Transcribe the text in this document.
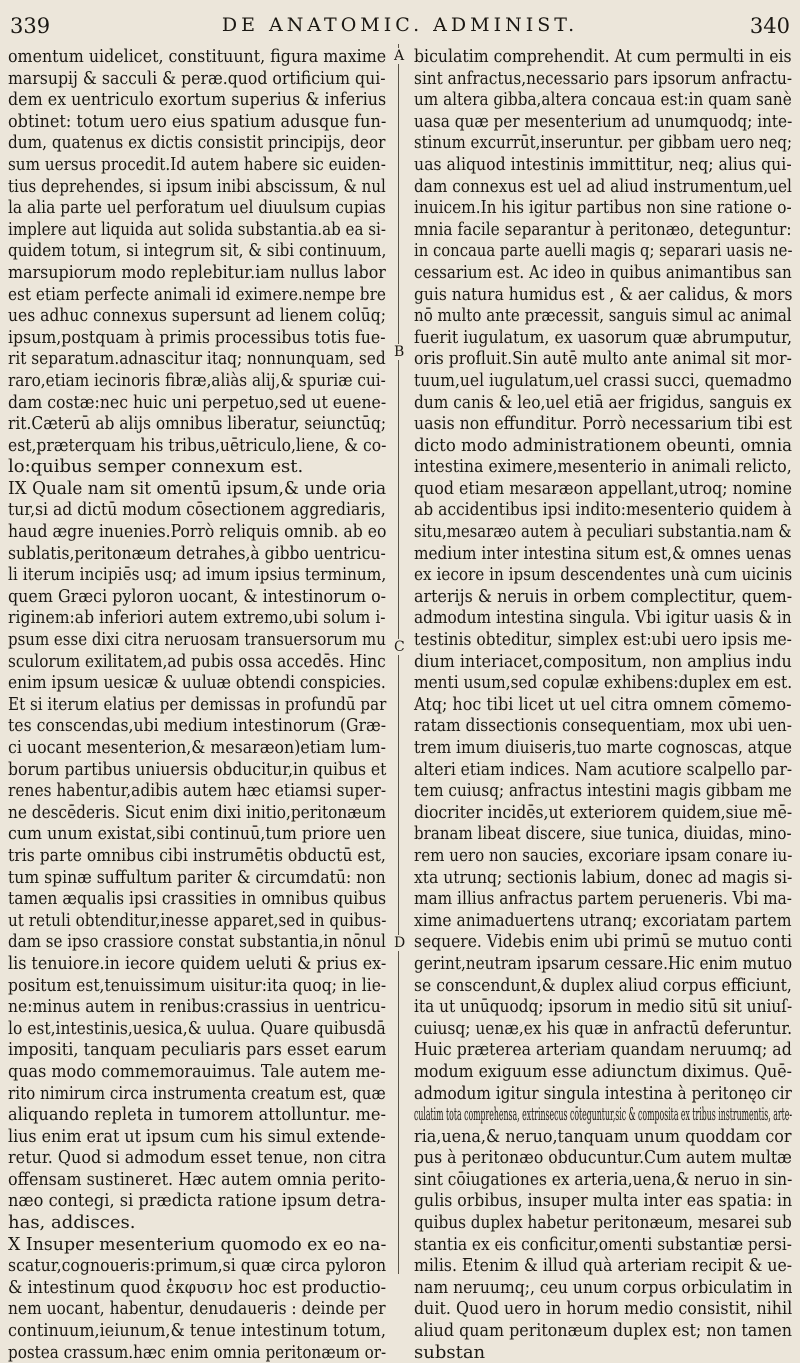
339	DE ANATOMIC. ADMINIST.	340
A
B
C
D
omentum uidelicet, constituunt, figura maxime
marsupij & sacculi & peræ.quod ortificium qui-
dem ex uentriculo exortum superius & inferius
obtinet: totum uero eius spatium adusque fun-
dum, quatenus ex dictis consistit principijs, deor
sum uersus procedit.Id autem habere sic euiden-
tius deprehendes, si ipsum inibi abscissum, & nul
la alia parte uel perforatum uel diuulsum cupias
implere aut liquida aut solida substantia.ab ea si-
quidem totum, si integrum sit, & sibi continuum,
marsupiorum modo replebitur.iam nullus labor
est etiam perfecte animali id eximere.nempe bre
ues adhuc connexus supersunt ad lienem colūq;
ipsum,postquam à primis processibus totis fue-
rit separatum.adnascitur itaq; nonnunquam, sed
raro,etiam iecinoris fibræ,aliàs alij,& spuriæ cui-
dam costæ:nec huic uni perpetuo,sed ut euene-
rit.Cæterū ab alijs omnibus liberatur, seiunctūq;
est,præterquam his tribus,uētriculo,liene, & co-
lo:quibus semper connexum est.
IX Quale nam sit omentū ipsum,& unde oria
tur,si ad dictū modum cōsectionem aggrediaris,
haud ægre inuenies.Porrò reliquis omnib. ab eo
sublatis,peritonæum detrahes,à gibbo uentricu-
li iterum incipiēs usq; ad imum ipsius terminum,
quem Græci pyloron uocant, & intestinorum o-
riginem:ab inferiori autem extremo,ubi solum i-
psum esse dixi citra neruosam transuersorum mu
sculorum exilitatem,ad pubis ossa accedēs. Hinc
enim ipsum uesicæ & uuluæ obtendi conspicies.
Et si iterum elatius per demissas in profundū par
tes conscendas,ubi medium intestinorum (Græ-
ci uocant mesenterion,& mesaræon)etiam lum-
borum partibus uniuersis obducitur,in quibus et
renes habentur,adibis autem hæc etiamsi super-
ne descēderis. Sicut enim dixi initio,peritonæum
cum unum existat,sibi continuū,tum priore uen
tris parte omnibus cibi instrumētis obductū est,
tum spinæ suffultum pariter & circumdatū: non
tamen æqualis ipsi crassities in omnibus quibus
ut retuli obtenditur,inesse apparet,sed in quibus-
dam se ipso crassiore constat substantia,in nōnul
lis tenuiore.in iecore quidem ueluti & prius ex-
positum est,tenuissimum uisitur:ita quoq; in lie-
ne:minus autem in renibus:crassius in uentricu-
lo est,intestinis,uesica,& uulua. Quare quibusdā
impositi, tanquam peculiaris pars esset earum
quas modo commemorauimus. Tale autem me-
rito nimirum circa instrumenta creatum est, quæ
aliquando repleta in tumorem attolluntur. me-
lius enim erat ut ipsum cum his simul extende-
retur. Quod si admodum esset tenue, non citra
offensam sustineret. Hæc autem omnia perito-
næo contegi, si prædicta ratione ipsum detra-
has, addisces.
X Insuper mesenterium quomodo ex eo na-
scatur,cognoueris:primum,si quæ circa pyloron
& intestinum quod ἐκφυσιν hoc est productio-
nem uocant, habentur, denudaueris : deinde per
continuum,ieiunum,& tenue intestinum totum,
postea crassum.hæc enim omnia peritonæum or-
biculatim comprehendit. At cum permulti in eis
sint anfractus,necessario pars ipsorum anfractu-
um altera gibba,altera concaua est:in quam sanè
uasa quæ per mesenterium ad unumquodq; inte-
stinum excurrūt,inseruntur. per gibbam uero neq;
uas aliquod intestinis immittitur, neq; alius qui-
dam connexus est uel ad aliud instrumentum,uel
inuicem.In his igitur partibus non sine ratione o-
mnia facile separantur à peritonæo, deteguntur:
in concaua parte auelli magis q; separari uasis ne-
cessarium est. Ac ideo in quibus animantibus san
guis natura humidus est , & aer calidus, & mors
nō multo ante præcessit, sanguis simul ac animal
fuerit iugulatum, ex uasorum quæ abrumputur,
oris profluit.Sin autē multo ante animal sit mor-
tuum,uel iugulatum,uel crassi succi, quemadmo
dum canis & leo,uel etiā aer frigidus, sanguis ex
uasis non effunditur. Porrò necessarium tibi est
dicto modo administrationem obeunti, omnia
intestina eximere,mesenterio in animali relicto,
quod etiam mesaræon appellant,utroq; nomine
ab accidentibus ipsi indito:mesenterio quidem à
situ,mesaræo autem à peculiari substantia.nam &
medium inter intestina situm est,& omnes uenas
ex iecore in ipsum descendentes unà cum uicinis
arterijs & neruis in orbem complectitur, quem-
admodum intestina singula. Vbi igitur uasis & in
testinis obteditur, simplex est:ubi uero ipsis me-
dium interiacet,compositum, non amplius indu
menti usum,sed copulæ exhibens:duplex em est.
Atq; hoc tibi licet ut uel citra omnem cōmemo-
ratam dissectionis consequentiam, mox ubi uen-
trem imum diuiseris,tuo marte cognoscas, atque
alteri etiam indices. Nam acutiore scalpello par-
tem cuiusq; anfractus intestini magis gibbam me
diocriter incidēs,ut exteriorem quidem,siue mē-
branam libeat discere, siue tunica, diuidas, mino-
rem uero non saucies, excoriare ipsam conare iu-
xta utrunq; sectionis labium, donec ad magis si-
mam illius anfractus partem perueneris. Vbi ma-
xime animaduertens utranq; excoriatam partem
sequere. Videbis enim ubi primū se mutuo conti
gerint,neutram ipsarum cessare.Hic enim mutuo
se conscendunt,& duplex aliud corpus efficiunt,
ita ut unūquodq; ipsorum in medio sitū sit uniuſ-
cuiusq; uenæ,ex his quæ in anfractū deferuntur.
Huic præterea arteriam quandam neruumq; ad
modum exiguum esse adiunctum diximus. Quē-
admodum igitur singula intestina à peritonęo cir
culatim tota comprehensa, extrinsecus cōteguntur,sic & composita ex tribus instrumentis, arte-
ria,uena,& neruo,tanquam unum quoddam cor
pus à peritonæo obducuntur.Cum autem multæ
sint cōiugationes ex arteria,uena,& neruo in sin-
gulis orbibus, insuper multa inter eas spatia: in
quibus duplex habetur peritonæum, mesarei sub
stantia ex eis conficitur,omenti substantiæ persi-
milis. Etenim & illud quà arteriam recipit & ue-
nam neruumq;, ceu unum corpus orbiculatim in
duit. Quod uero in horum medio consistit, nihil
aliud quam peritonæum duplex est; non tamen
substan
